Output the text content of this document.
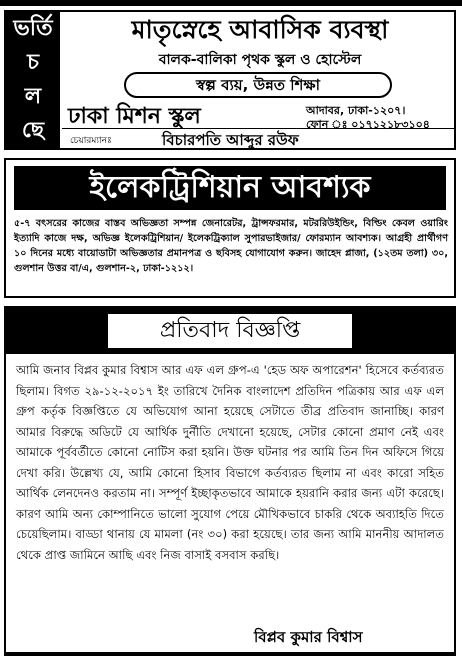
ভর্তি
চ
ল
ছে
মাতৃস্নেহে আবাসিক ব্যবস্থা
বালক-বালিকা পৃথক স্কুল ও হোস্টেল
স্বল্প ব্যয়, উন্নত শিক্ষা
ঢাকা মিশন স্কুল	আদাবর, ঢাকা-১২০৭।
ফোন ঃ ০১৭১২১৮৩১০৪
চেয়ারম্যানঃ	বিচারপতি আব্দুর রউফ
ইলেকট্রিশিয়ান আবশ্যক
৫-৭ বৎসরের কাজের বাস্তব অভিজ্ঞতা সম্পন্ন জেনারেটর, ট্রান্সফরমার, মটররিউইন্ডিং, বিল্ডিং কেবল ওয়ারিং ইত্যাদি কাজে দক্ষ, অভিজ্ঞ ইলেকট্রিশিয়ান/ ইলেকট্রিক্যাল সুপারভাইজার/ ফোরম্যান আবশ্যক। আগ্রহী প্রার্থীগণ ১০ দিনের মধ্যে বায়োডাটা অভিজ্ঞতার প্রমানপত্র ও ছবিসহ যোগাযোগ করুন। জাহেদ প্লাজা, (১২তম তলা) ৩০, গুলশান উত্তর বা/এ, গুলশান-২, ঢাকা-১২১২।
প্রতিবাদ বিজ্ঞপ্তি
আমি জনাব বিপ্লব কুমার বিশ্বাস আর এফ এল গ্রুপ-এ 'হেড অফ অপারেশন' হিসেবে কর্তব্যরত ছিলাম। বিগত ২৯-১২-২০১৭ ইং তারিখে দৈনিক বাংলাদেশ প্রতিদিন পত্রিকায় আর এফ এল গ্রুপ কর্তৃক বিজ্ঞপ্তিতে যে অভিযোগ আনা হয়েছে সেটাতে তীব্র প্রতিবাদ জানাচ্ছি। কারণ আমার বিরুদ্ধে অডিটে যে আর্থিক দুর্নীতি দেখানো হয়েছে, সেটার কোনো প্রমাণ নেই এবং আমাকে পূর্ববর্তীতে কোনো নোটিস করা হয়নি। উক্ত ঘটনার পর আমি তিন দিন অফিসে গিয়ে দেখা করি। উল্লেখ্য যে, আমি কোনো হিসাব বিভাগে কর্তব্যরত ছিলাম না এবং কারো সহিত আর্থিক লেনদেনও করতাম না। সম্পূর্ণ ইচ্ছাকৃতভাবে আমাকে হয়রানি করার জন্য এটা করেছে। কারণ আমি অন্য কোম্পানিতে ভালো সুযোগ পেয়ে মৌখিকভাবে চাকরি থেকে অব্যাহতি দিতে চেয়েছিলাম। বাড্ডা থানায় যে মামলা (নং ৩০) করা হয়েছে। তার জন্য আমি মাননীয় আদালত থেকে প্রাপ্ত জামিনে আছি এবং নিজ বাসাই বসবাস করছি।
বিপ্লব কুমার বিশ্বাস
